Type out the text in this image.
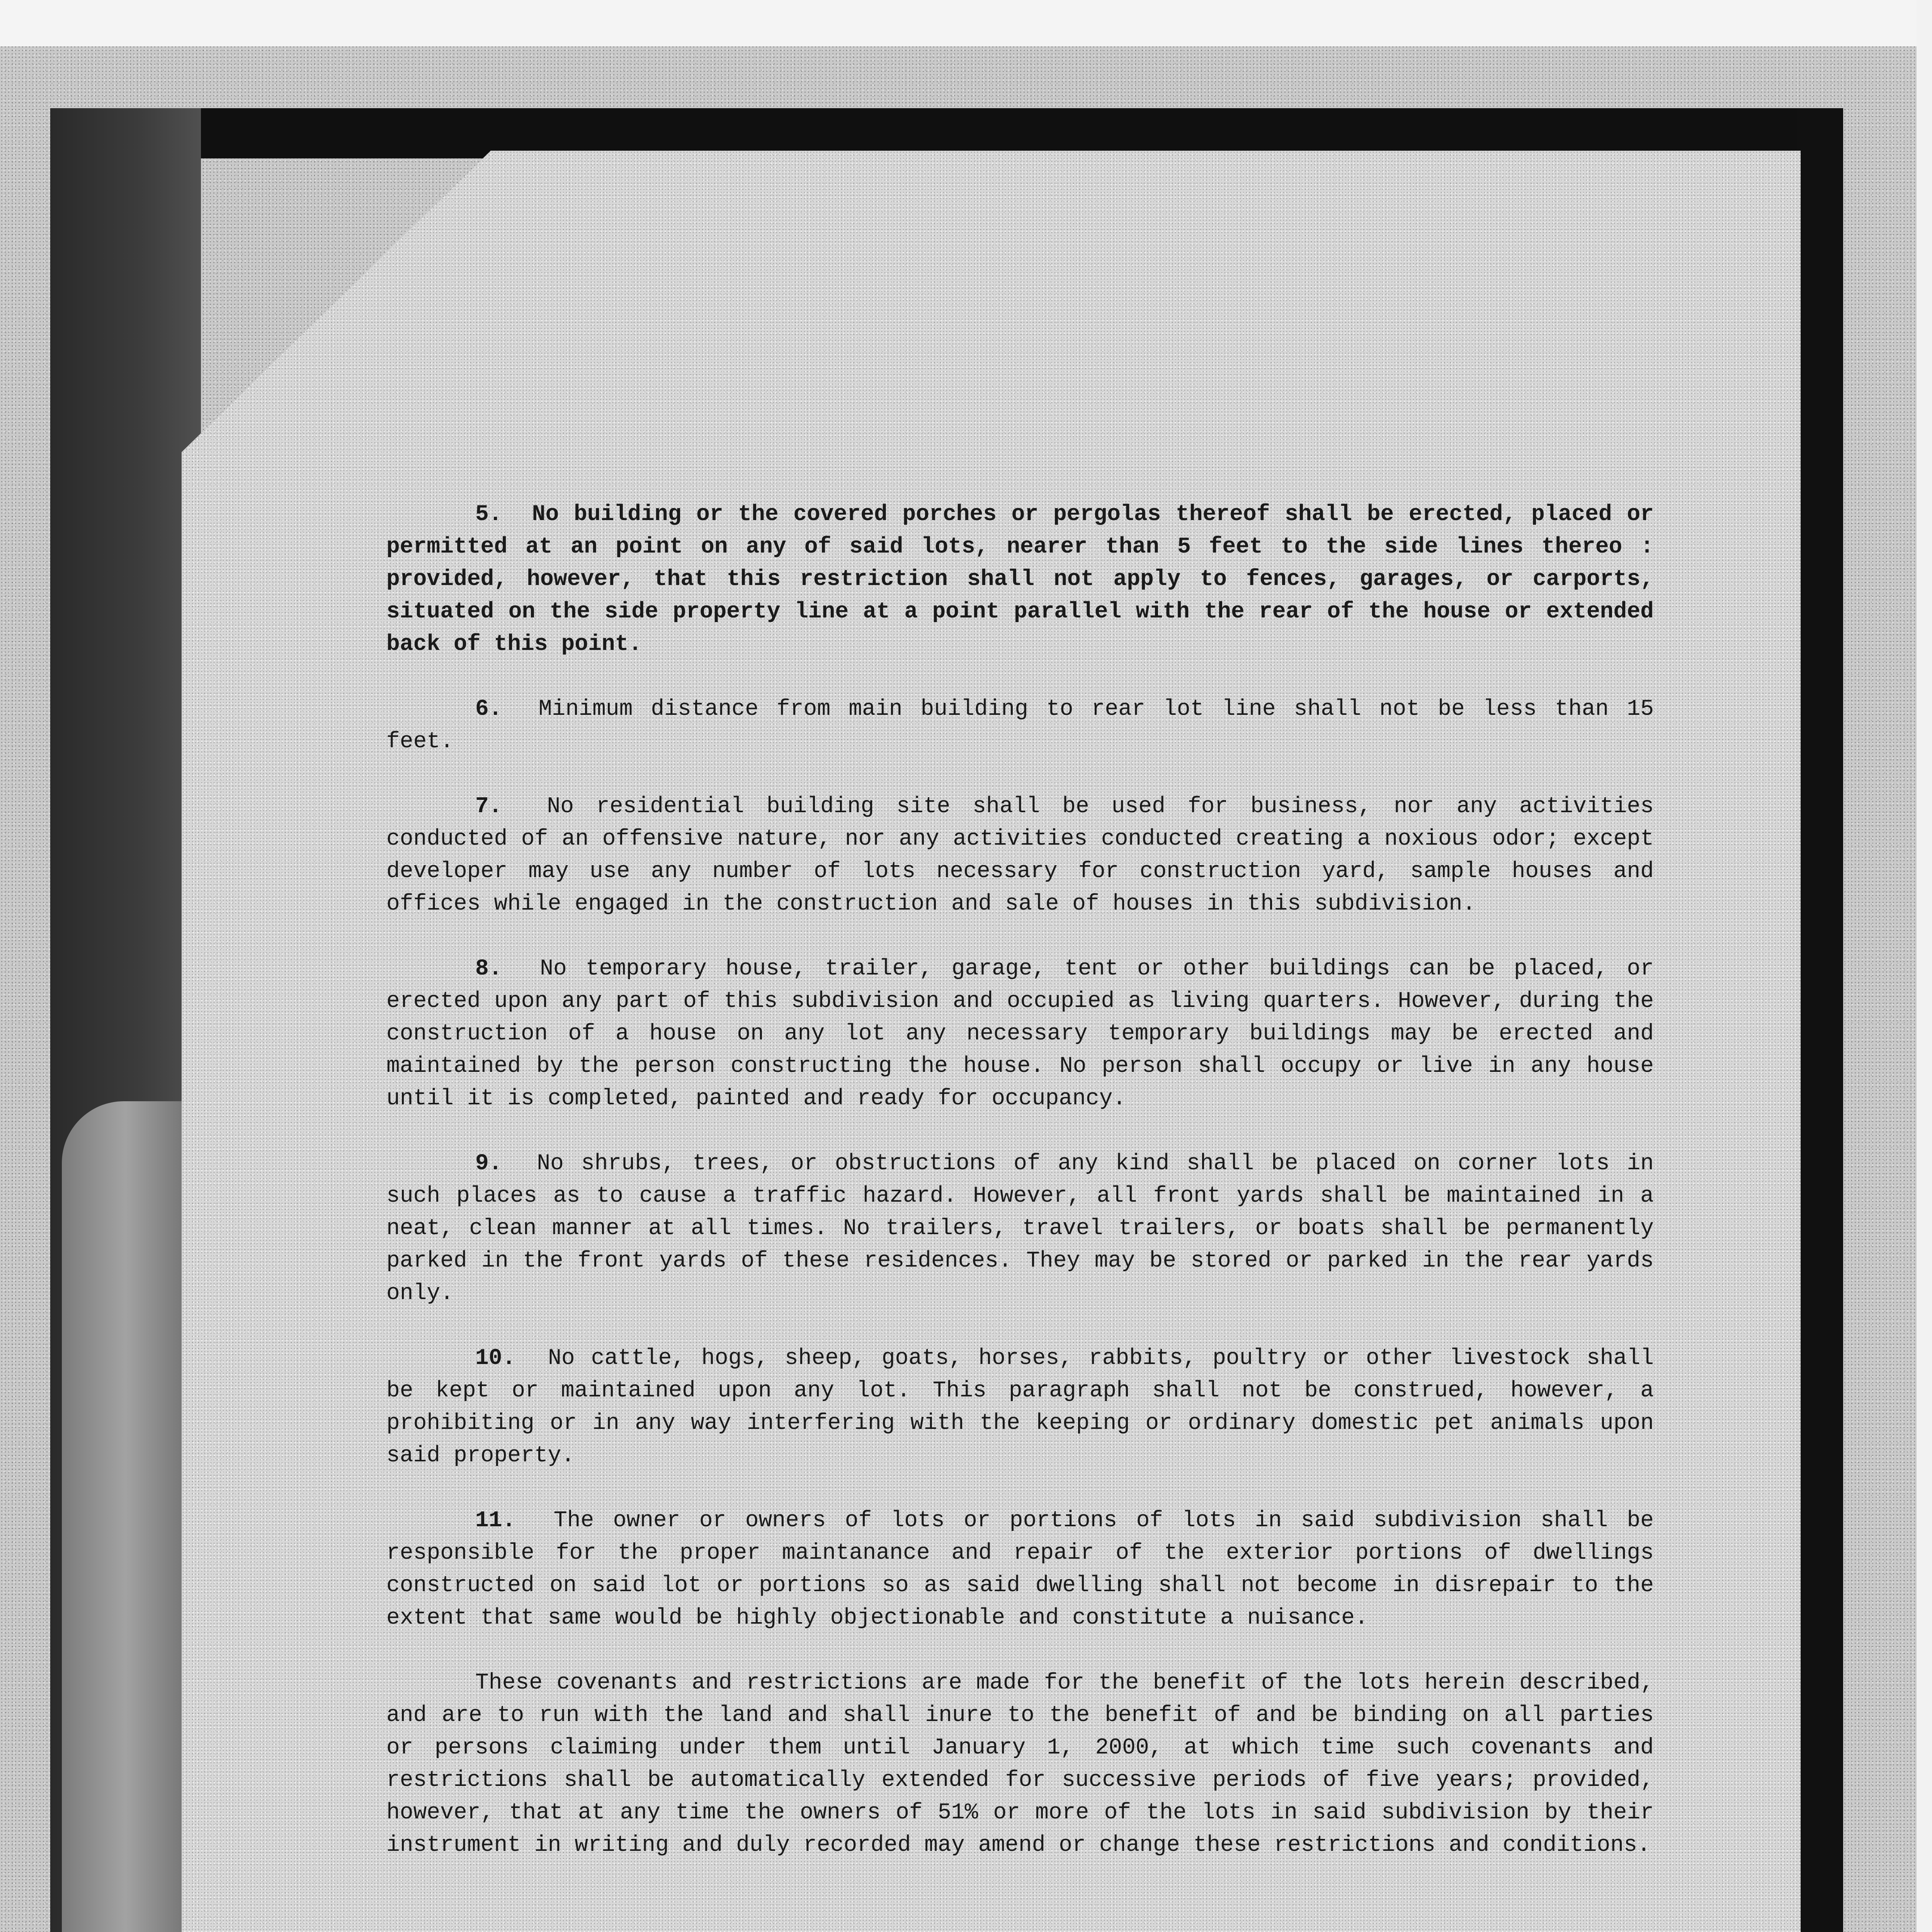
5. No building or the covered porches or pergolas thereof shall be erected, placed or permitted at an point on any of said lots, nearer than 5 feet to the side lines thereo : provided, however, that this restriction shall not apply to fences, garages, or carports, situated on the side property line at a point parallel with the rear of the house or extended back of this point.

6. Minimum distance from main building to rear lot line shall not be less than 15 feet.

7. No residential building site shall be used for business, nor any activities conducted of an offensive nature, nor any activities conducted creating a noxious odor; except developer may use any number of lots necessary for construction yard, sample houses and offices while engaged in the construction and sale of houses in this subdivision.

8. No temporary house, trailer, garage, tent or other buildings can be placed, or erected upon any part of this subdivision and occupied as living quarters. However, during the construction of a house on any lot any necessary temporary buildings may be erected and maintained by the person constructing the house. No person shall occupy or live in any house until it is completed, painted and ready for occupancy.

9. No shrubs, trees, or obstructions of any kind shall be placed on corner lots in such places as to cause a traffic hazard. However, all front yards shall be maintained in a neat, clean manner at all times. No trailers, travel trailers, or boats shall be permanently parked in the front yards of these residences. They may be stored or parked in the rear yards only.

10. No cattle, hogs, sheep, goats, horses, rabbits, poultry or other livestock shall be kept or maintained upon any lot. This paragraph shall not be construed, however, a prohibiting or in any way interfering with the keeping or ordinary domestic pet animals upon said property.

11. The owner or owners of lots or portions of lots in said subdivision shall be responsible for the proper maintanance and repair of the exterior portions of dwellings constructed on said lot or portions so as said dwelling shall not become in disrepair to the extent that same would be highly objectionable and constitute a nuisance.

These covenants and restrictions are made for the benefit of the lots herein described, and are to run with the land and shall inure to the benefit of and be binding on all parties or persons claiming under them until January 1, 2000, at which time such covenants and restrictions shall be automatically extended for successive periods of five years; provided, however, that at any time the owners of 51% or more of the lots in said subdivision by their instrument in writing and duly recorded may amend or change these restrictions and conditions.
